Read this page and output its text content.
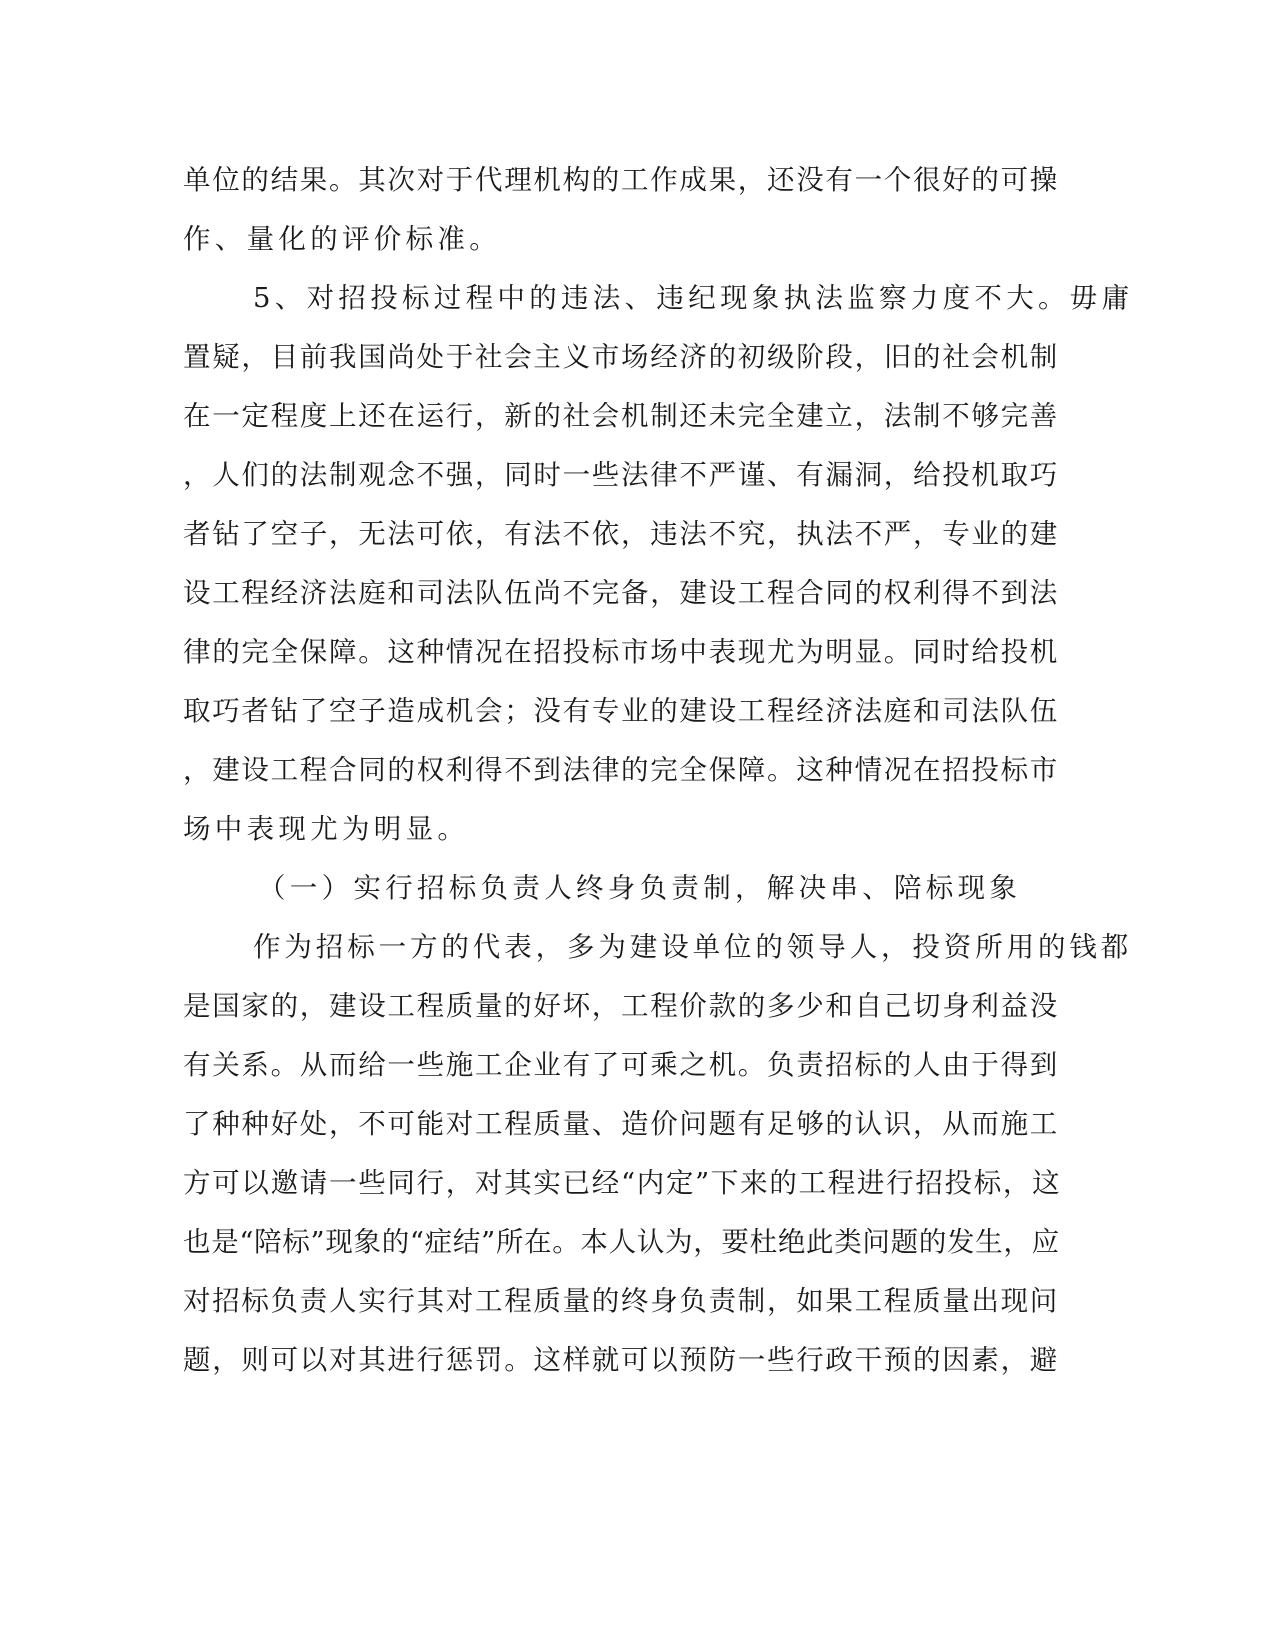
单位的结果。其次对于代理机构的工作成果，还没有一个很好的可操
作、量化的评价标准。
5、对招投标过程中的违法、违纪现象执法监察力度不大。毋庸
置疑，目前我国尚处于社会主义市场经济的初级阶段，旧的社会机制
在一定程度上还在运行，新的社会机制还未完全建立，法制不够完善
，人们的法制观念不强，同时一些法律不严谨、有漏洞，给投机取巧
者钻了空子，无法可依，有法不依，违法不究，执法不严，专业的建
设工程经济法庭和司法队伍尚不完备，建设工程合同的权利得不到法
律的完全保障。这种情况在招投标市场中表现尤为明显。同时给投机
取巧者钻了空子造成机会；没有专业的建设工程经济法庭和司法队伍
，建设工程合同的权利得不到法律的完全保障。这种情况在招投标市
场中表现尤为明显。
（一）实行招标负责人终身负责制，解决串、陪标现象
作为招标一方的代表，多为建设单位的领导人，投资所用的钱都
是国家的，建设工程质量的好坏，工程价款的多少和自己切身利益没
有关系。从而给一些施工企业有了可乘之机。负责招标的人由于得到
了种种好处，不可能对工程质量、造价问题有足够的认识，从而施工
方可以邀请一些同行，对其实已经“内定”下来的工程进行招投标，这
也是“陪标”现象的“症结”所在。本人认为，要杜绝此类问题的发生，应
对招标负责人实行其对工程质量的终身负责制，如果工程质量出现问
题，则可以对其进行惩罚。这样就可以预防一些行政干预的因素，避
